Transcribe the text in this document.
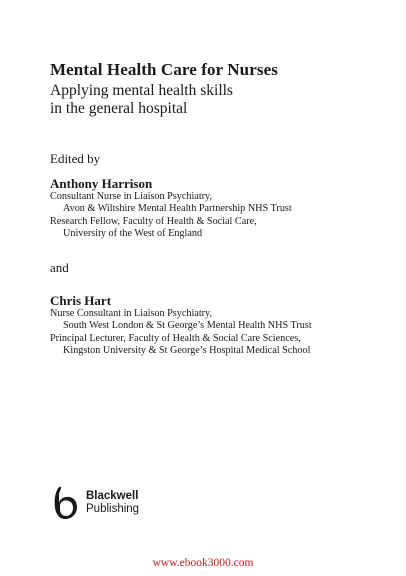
Mental Health Care for Nurses
Applying mental health skills
in the general hospital
Edited by
Anthony Harrison
Consultant Nurse in Liaison Psychiatry,
Avon & Wiltshire Mental Health Partnership NHS Trust
Research Fellow, Faculty of Health & Social Care,
University of the West of England
and
Chris Hart
Nurse Consultant in Liaison Psychiatry,
South West London & St George’s Mental Health NHS Trust
Principal Lecturer, Faculty of Health & Social Care Sciences,
Kingston University & St George’s Hospital Medical School
Blackwell
Publishing
www.ebook3000.com
